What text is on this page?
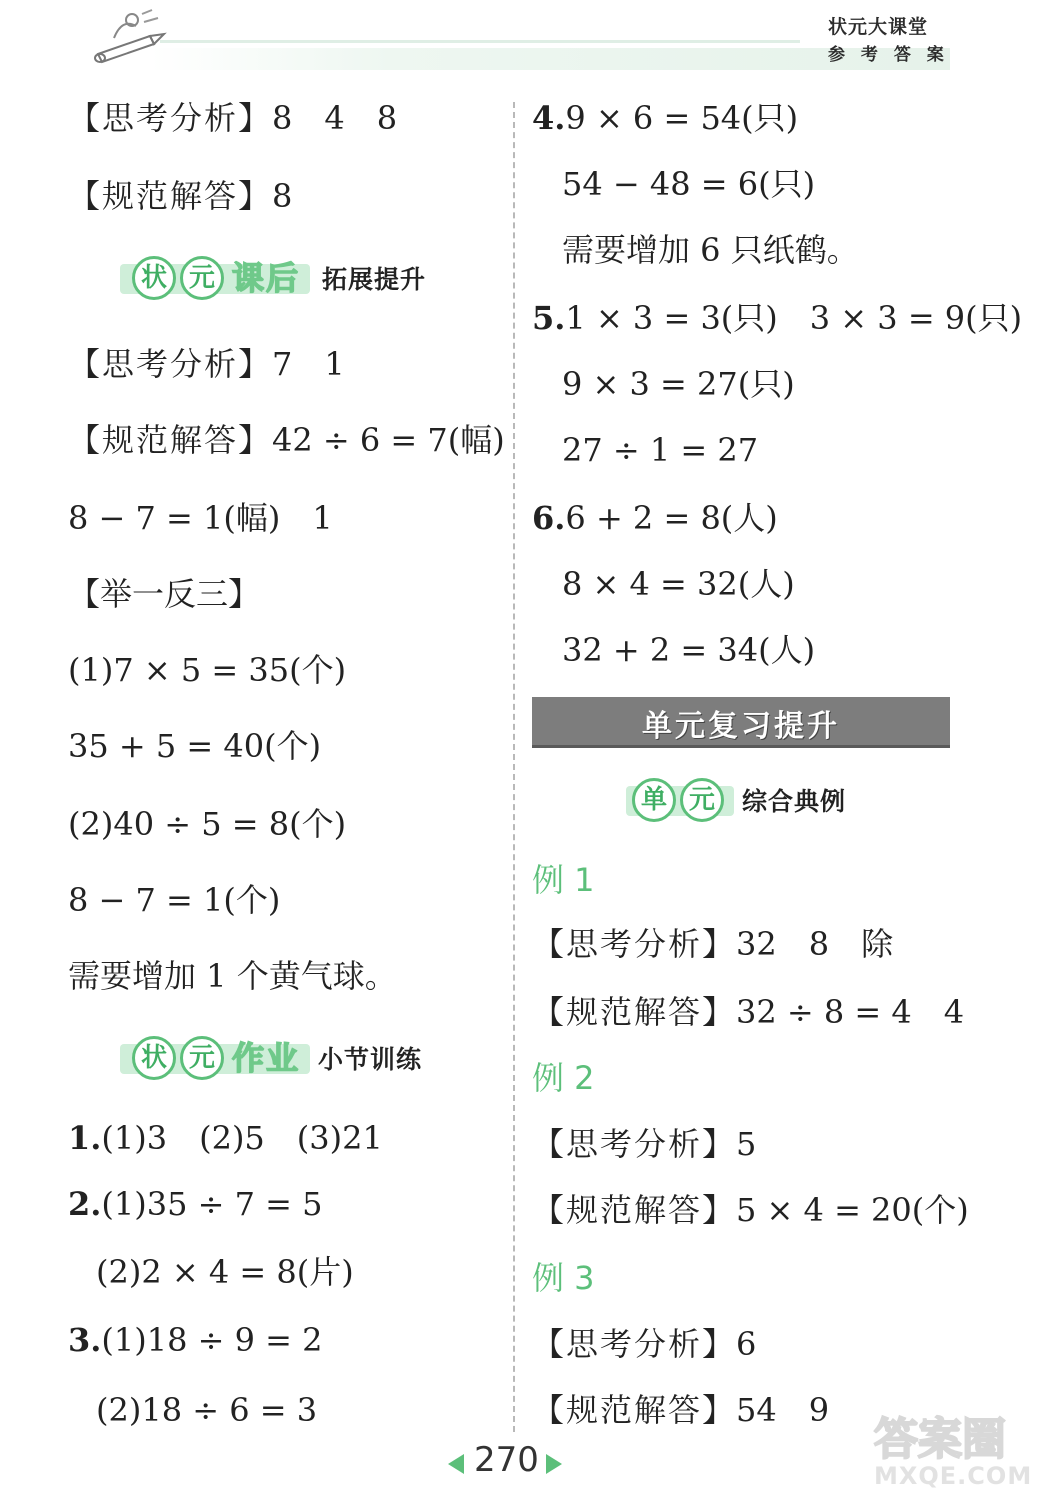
状元大课堂
参 考 答 案
【思考分析】8　4　8
【规范解答】8
状 元 课后 拓展提升
【思考分析】7　1
【规范解答】42 ÷ 6 = 7(幅)
8 − 7 = 1(幅)　1
【举一反三】
(1)7 × 5 = 35(个)
35 + 5 = 40(个)
(2)40 ÷ 5 = 8(个)
8 − 7 = 1(个)
需要增加 1 个黄气球。
状 元 作业 小节训练
1.(1)3　(2)5　(3)21
2.(1)35 ÷ 7 = 5
(2)2 × 4 = 8(片)
3.(1)18 ÷ 9 = 2
(2)18 ÷ 6 = 3
4.9 × 6 = 54(只)
54 − 48 = 6(只)
需要增加 6 只纸鹤。
5.1 × 3 = 3(只)　3 × 3 = 9(只)
9 × 3 = 27(只)
27 ÷ 1 = 27
6.6 + 2 = 8(人)
8 × 4 = 32(人)
32 + 2 = 34(人)
单元复习提升
单 元	综合典例
例 1
【思考分析】32　8　除
【规范解答】32 ÷ 8 = 4　4
例 2
【思考分析】5
【规范解答】5 × 4 = 20(个)
例 3
【思考分析】6
【规范解答】54　9
270	答案圈
MXQE.COM
